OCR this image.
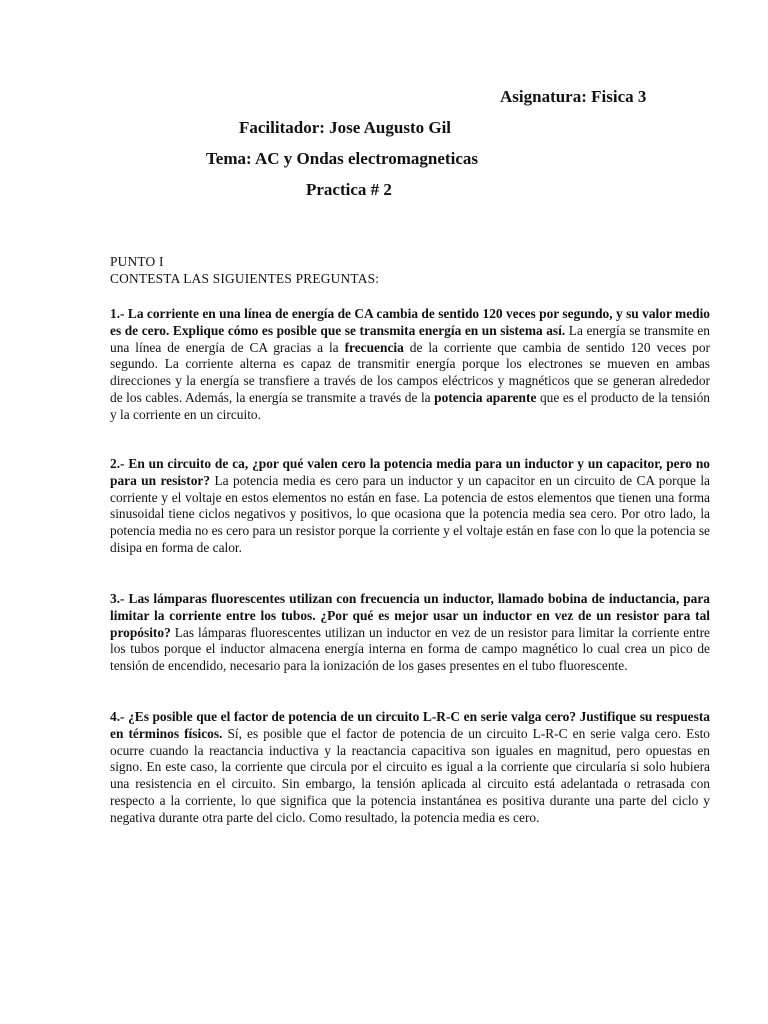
Asignatura: Fisica 3
Facilitador: Jose Augusto Gil
Tema: AC y Ondas electromagneticas
Practica # 2
PUNTO I
CONTESTA LAS SIGUIENTES PREGUNTAS:
1.- La corriente en una línea de energía de CA cambia de sentido 120 veces por segundo, y su valor medio es de cero. Explique cómo es posible que se transmita energía en un sistema así. La energía se transmite en una línea de energía de CA gracias a la frecuencia de la corriente que cambia de sentido 120 veces por segundo. La corriente alterna es capaz de transmitir energía porque los electrones se mueven en ambas direcciones y la energía se transfiere a través de los campos eléctricos y magnéticos que se generan alrededor de los cables. Además, la energía se transmite a través de la potencia aparente que es el producto de la tensión y la corriente en un circuito.
2.- En un circuito de ca, ¿por qué valen cero la potencia media para un inductor y un capacitor, pero no para un resistor? La potencia media es cero para un inductor y un capacitor en un circuito de CA porque la corriente y el voltaje en estos elementos no están en fase. La potencia de estos elementos que tienen una forma sinusoidal tiene ciclos negativos y positivos, lo que ocasiona que la potencia media sea cero. Por otro lado, la potencia media no es cero para un resistor porque la corriente y el voltaje están en fase con lo que la potencia se disipa en forma de calor.
3.- Las lámparas fluorescentes utilizan con frecuencia un inductor, llamado bobina de inductancia, para limitar la corriente entre los tubos. ¿Por qué es mejor usar un inductor en vez de un resistor para tal propósito? Las lámparas fluorescentes utilizan un inductor en vez de un resistor para limitar la corriente entre los tubos porque el inductor almacena energía interna en forma de campo magnético lo cual crea un pico de tensión de encendido, necesario para la ionización de los gases presentes en el tubo fluorescente.
4.- ¿Es posible que el factor de potencia de un circuito L-R-C en serie valga cero? Justifique su respuesta en términos físicos. Sí, es posible que el factor de potencia de un circuito L-R-C en serie valga cero. Esto ocurre cuando la reactancia inductiva y la reactancia capacitiva son iguales en magnitud, pero opuestas en signo. En este caso, la corriente que circula por el circuito es igual a la corriente que circularía si solo hubiera una resistencia en el circuito. Sin embargo, la tensión aplicada al circuito está adelantada o retrasada con respecto a la corriente, lo que significa que la potencia instantánea es positiva durante una parte del ciclo y negativa durante otra parte del ciclo. Como resultado, la potencia media es cero.
